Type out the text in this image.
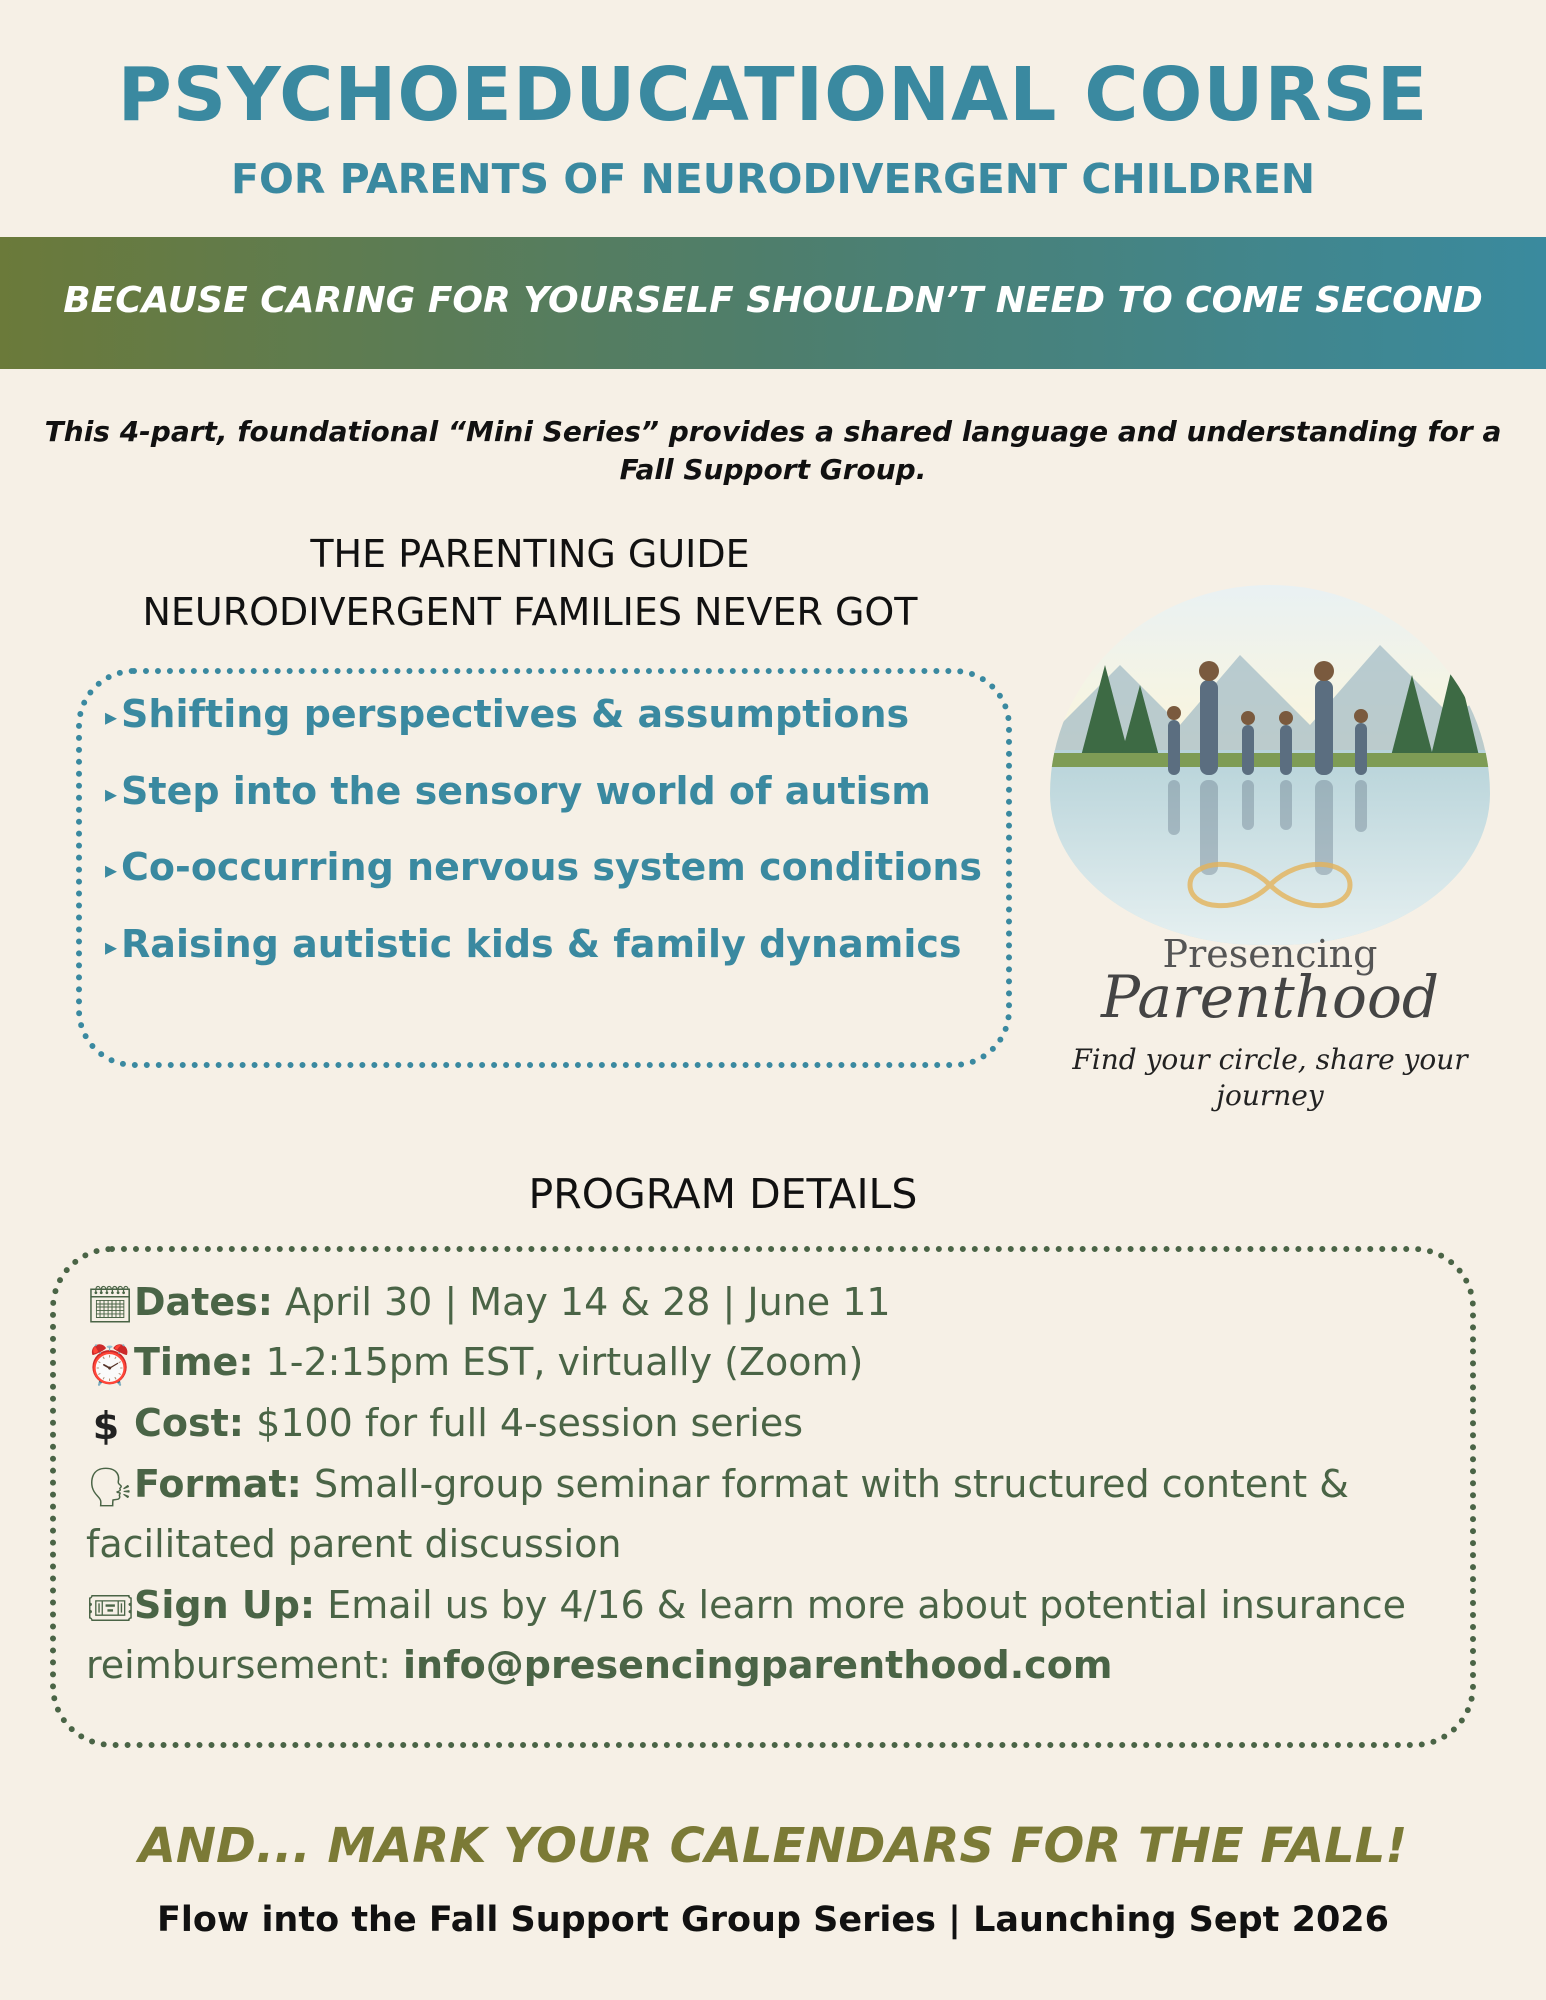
PSYCHOEDUCATIONAL COURSE
FOR PARENTS OF NEURODIVERGENT CHILDREN
BECAUSE CARING FOR YOURSELF SHOULDN’T NEED TO COME SECOND
This 4-part, foundational “Mini Series” provides a shared language and understanding for a Fall Support Group.
THE PARENTING GUIDE
NEURODIVERGENT FAMILIES NEVER GOT
▸ Shifting perspectives & assumptions
▸ Step into the sensory world of autism
▸ Co-occurring nervous system conditions
▸ Raising autistic kids & family dynamics	Presencing
Parenthood
Find your circle, share your journey
PROGRAM DETAILS
🗓Dates: April 30 | May 14 & 28 | June 11
⏰Time: 1-2:15pm EST, virtually (Zoom)
$ Cost: $100 for full 4-session series
🗣Format: Small-group seminar format with structured content & facilitated parent discussion
🎟Sign Up: Email us by 4/16 & learn more about potential insurance reimbursement: info@presencingparenthood.com
AND... MARK YOUR CALENDARS FOR THE FALL!
Flow into the Fall Support Group Series | Launching Sept 2026
